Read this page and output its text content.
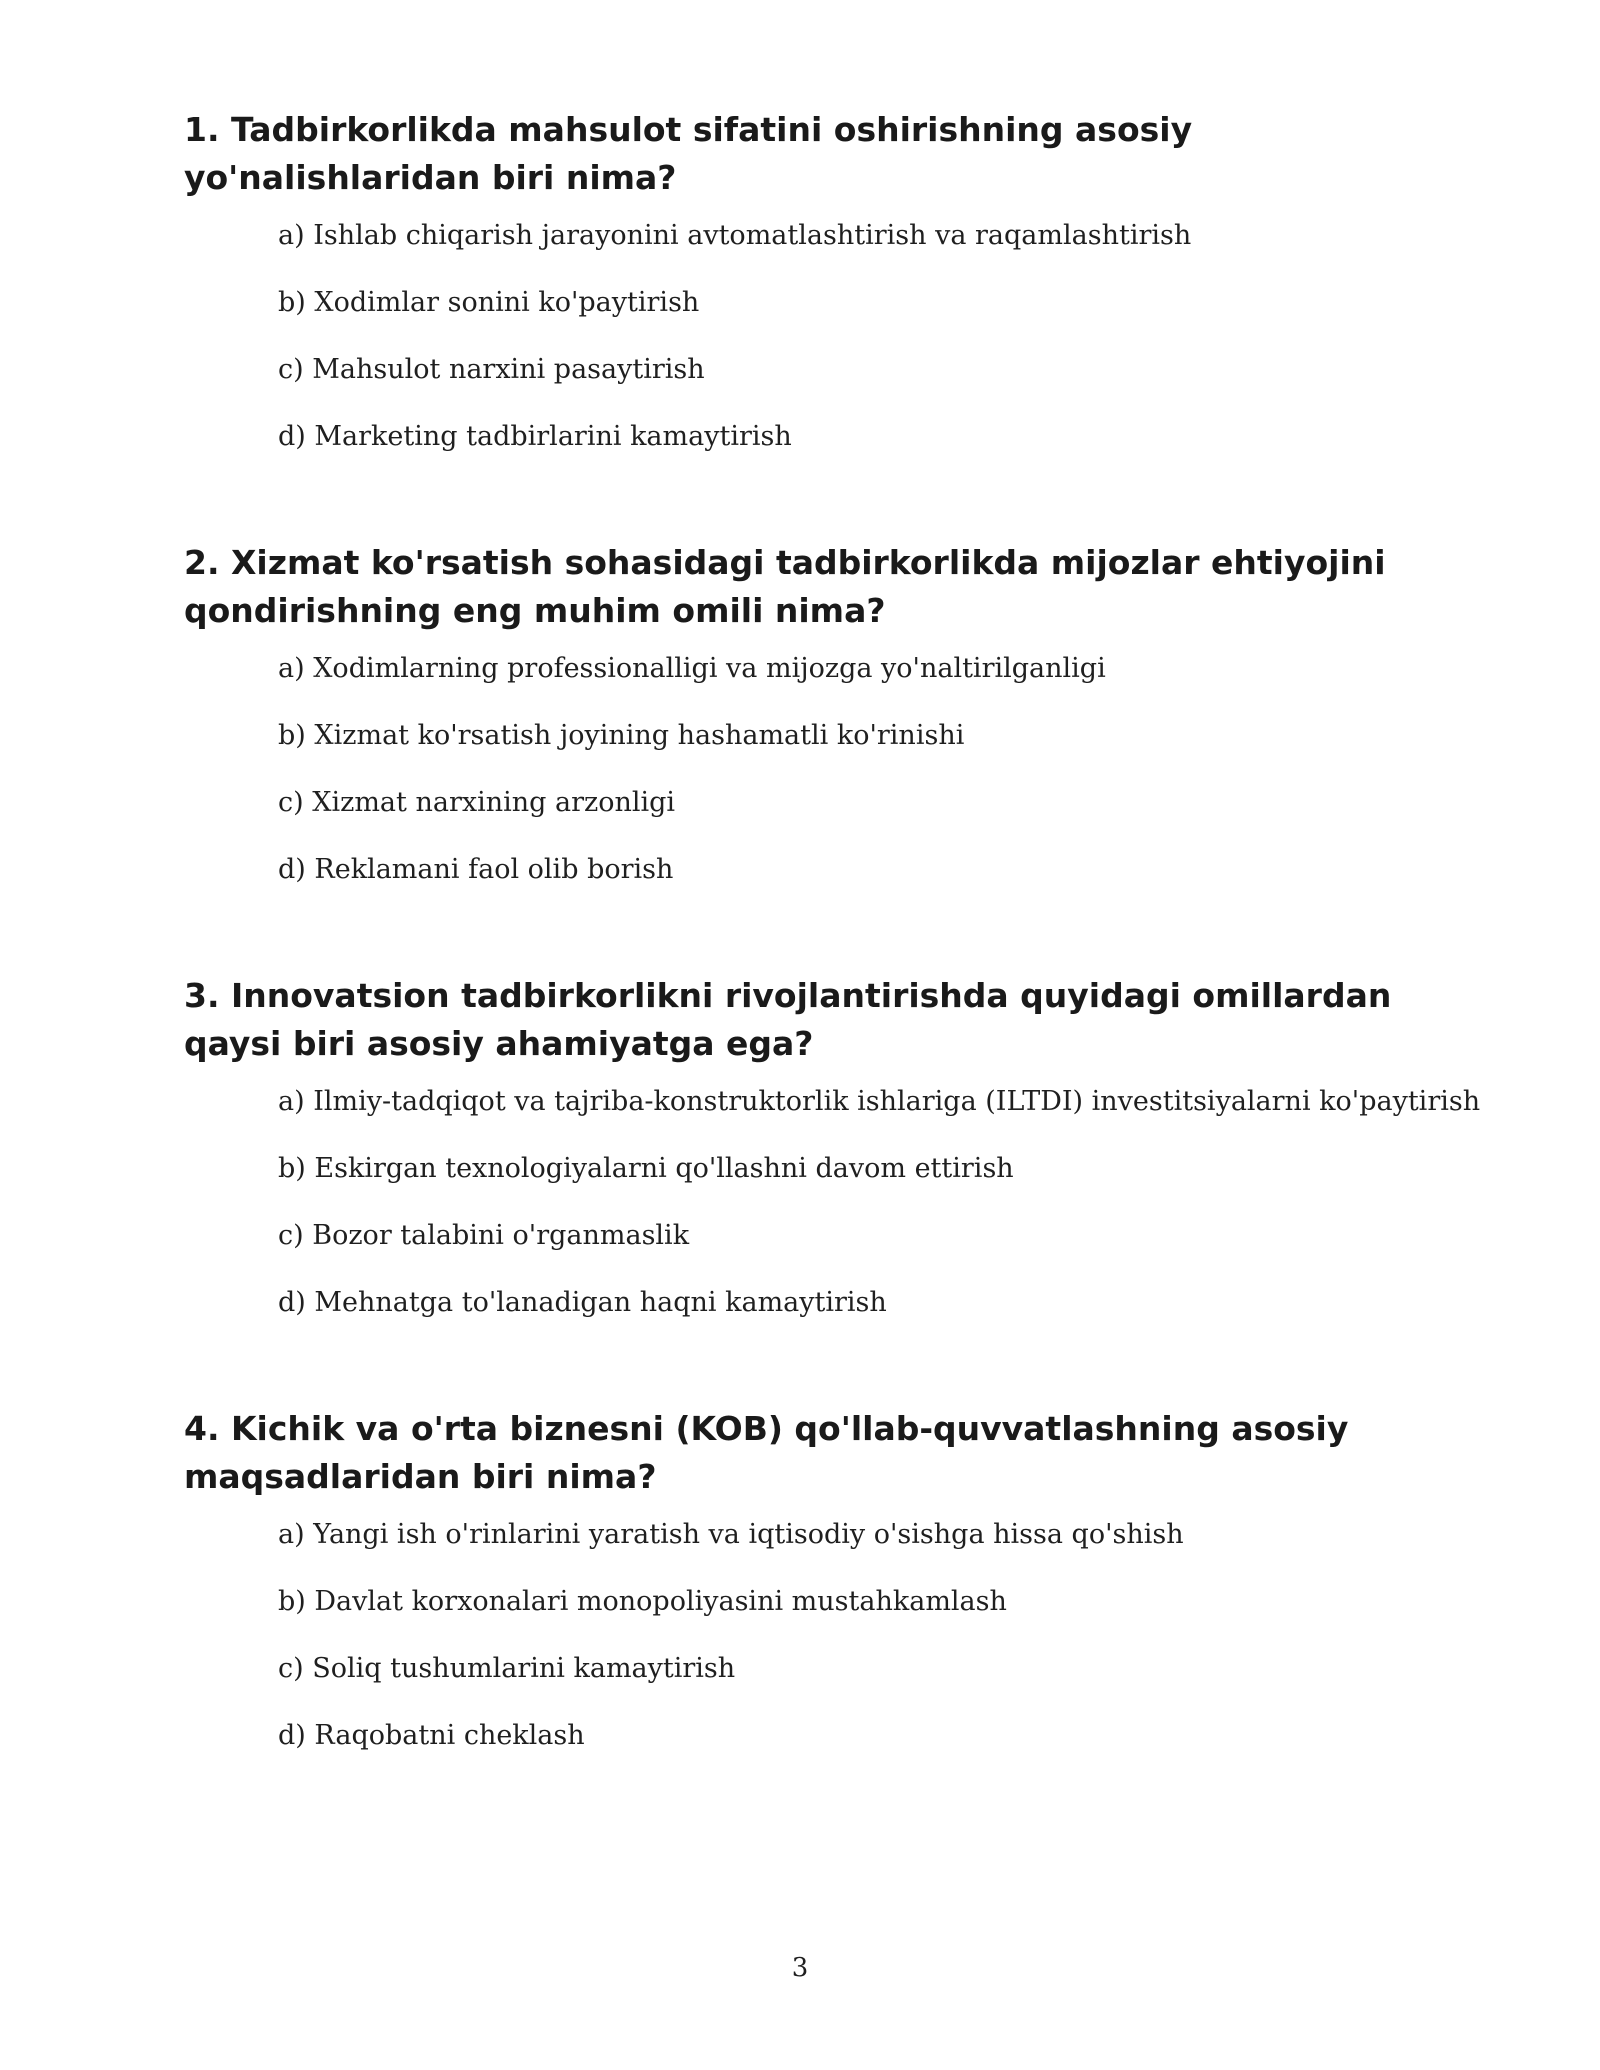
1. Tadbirkorlikda mahsulot sifatini oshirishning asosiy yo'nalishlaridan biri nima?
a) Ishlab chiqarish jarayonini avtomatlashtirish va raqamlashtirish
b) Xodimlar sonini ko'paytirish
c) Mahsulot narxini pasaytirish
d) Marketing tadbirlarini kamaytirish
2. Xizmat ko'rsatish sohasidagi tadbirkorlikda mijozlar ehtiyojini qondirishning eng muhim omili nima?
a) Xodimlarning professionalligi va mijozga yo'naltirilganligi
b) Xizmat ko'rsatish joyining hashamatli ko'rinishi
c) Xizmat narxining arzonligi
d) Reklamani faol olib borish
3. Innovatsion tadbirkorlikni rivojlantirishda quyidagi omillardan qaysi biri asosiy ahamiyatga ega?
a) Ilmiy-tadqiqot va tajriba-konstruktorlik ishlariga (ILTDI) investitsiyalarni ko'paytirish
b) Eskirgan texnologiyalarni qo'llashni davom ettirish
c) Bozor talabini o'rganmaslik
d) Mehnatga to'lanadigan haqni kamaytirish
4. Kichik va o'rta biznesni (KOB) qo'llab-quvvatlashning asosiy maqsadlaridan biri nima?
a) Yangi ish o'rinlarini yaratish va iqtisodiy o'sishga hissa qo'shish
b) Davlat korxonalari monopoliyasini mustahkamlash
c) Soliq tushumlarini kamaytirish
d) Raqobatni cheklash
3
